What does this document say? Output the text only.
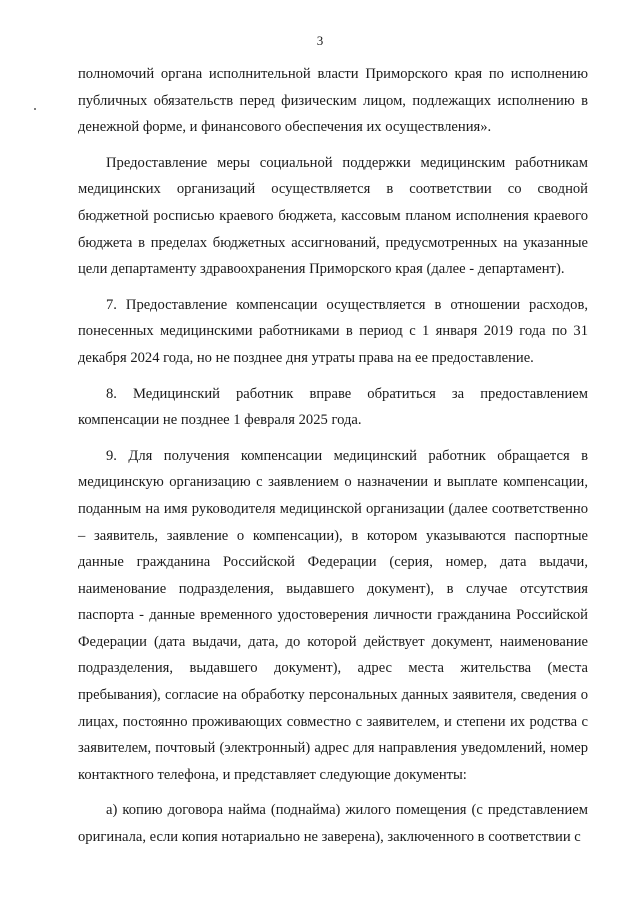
3

полномочий органа исполнительной власти Приморского края по исполнению публичных обязательств перед физическим лицом, подлежащих исполнению в денежной форме, и финансового обеспечения их осуществления».

Предоставление меры социальной поддержки медицинским работникам медицинских организаций осуществляется в соответствии со сводной бюджетной росписью краевого бюджета, кассовым планом исполнения краевого бюджета в пределах бюджетных ассигнований, предусмотренных на указанные цели департаменту здравоохранения Приморского края (далее - департамент).

7. Предоставление компенсации осуществляется в отношении расходов, понесенных медицинскими работниками в период с 1 января 2019 года по 31 декабря 2024 года, но не позднее дня утраты права на ее предоставление.

8. Медицинский работник вправе обратиться за предоставлением компенсации не позднее 1 февраля 2025 года.

9. Для получения компенсации медицинский работник обращается в медицинскую организацию с заявлением о назначении и выплате компенсации, поданным на имя руководителя медицинской организации (далее соответственно – заявитель, заявление о компенсации), в котором указываются паспортные данные гражданина Российской Федерации (серия, номер, дата выдачи, наименование подразделения, выдавшего документ), в случае отсутствия паспорта - данные временного удостоверения личности гражданина Российской Федерации (дата выдачи, дата, до которой действует документ, наименование подразделения, выдавшего документ), адрес места жительства (места пребывания), согласие на обработку персональных данных заявителя, сведения о лицах, постоянно проживающих совместно с заявителем, и степени их родства с заявителем, почтовый (электронный) адрес для направления уведомлений, номер контактного телефона, и представляет следующие документы:

а) копию договора найма (поднайма) жилого помещения (с представлением оригинала, если копия нотариально не заверена), заключенного в соответствии с
